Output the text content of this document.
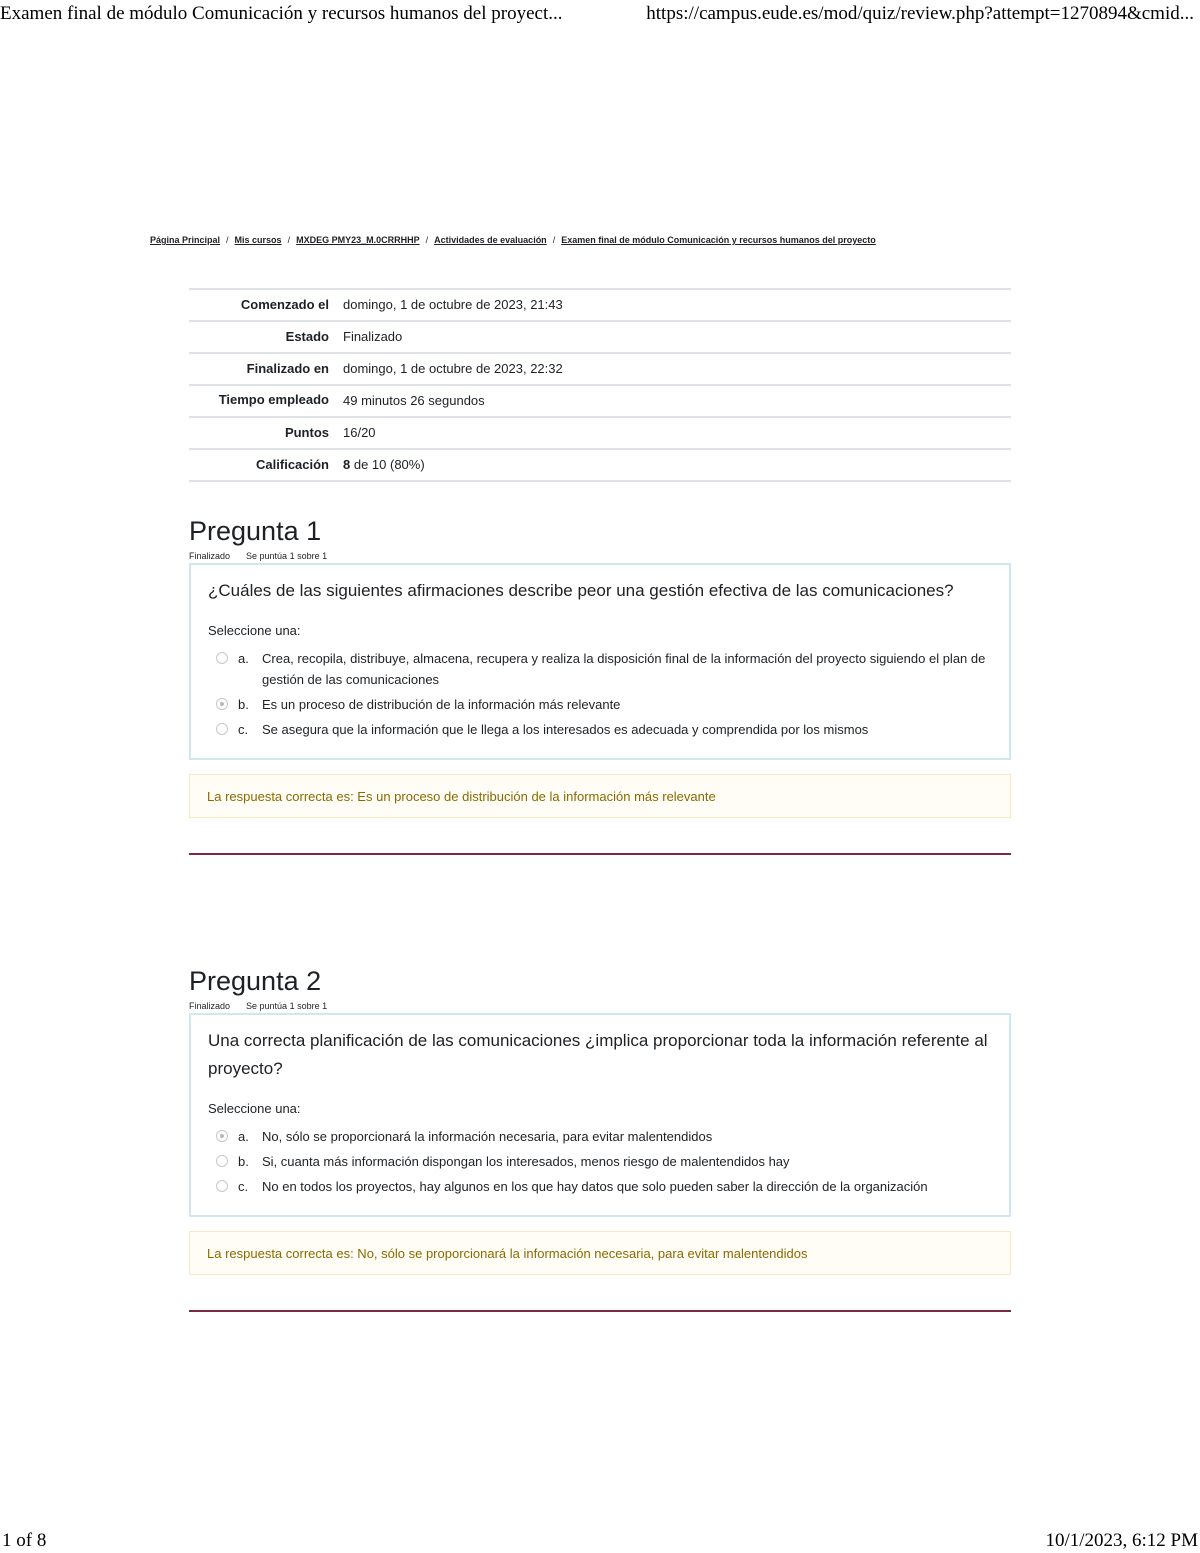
Examen final de módulo Comunicación y recursos humanos del proyect...	https://campus.eude.es/mod/quiz/review.php?attempt=1270894&cmid...
Página Principal / Mis cursos / MXDEG PMY23_M.0CRRHHP / Actividades de evaluación / Examen final de módulo Comunicación y recursos humanos del proyecto
Comenzado el	domingo, 1 de octubre de 2023, 21:43
Estado	Finalizado
Finalizado en	domingo, 1 de octubre de 2023, 22:32
Tiempo empleado	49 minutos 26 segundos
Puntos	16/20
Calificación	8 de 10 (80%)
Pregunta 1
Finalizado Se puntúa 1 sobre 1

¿Cuáles de las siguientes afirmaciones describe peor una gestión efectiva de las comunicaciones?

Seleccione una:
a.	Crea, recopila, distribuye, almacena, recupera y realiza la disposición final de la información del proyecto siguiendo el plan de gestión de las comunicaciones
b.	Es un proceso de distribución de la información más relevante
c.	Se asegura que la información que le llega a los interesados es adecuada y comprendida por los mismos
La respuesta correcta es: Es un proceso de distribución de la información más relevante
Pregunta 2
Finalizado Se puntúa 1 sobre 1

Una correcta planificación de las comunicaciones ¿implica proporcionar toda la información referente al proyecto?

Seleccione una:
a.	No, sólo se proporcionará la información necesaria, para evitar malentendidos
b.	Si, cuanta más información dispongan los interesados, menos riesgo de malentendidos hay
c.	No en todos los proyectos, hay algunos en los que hay datos que solo pueden saber la dirección de la organización
La respuesta correcta es: No, sólo se proporcionará la información necesaria, para evitar malentendidos
1 of 8	10/1/2023, 6:12 PM
